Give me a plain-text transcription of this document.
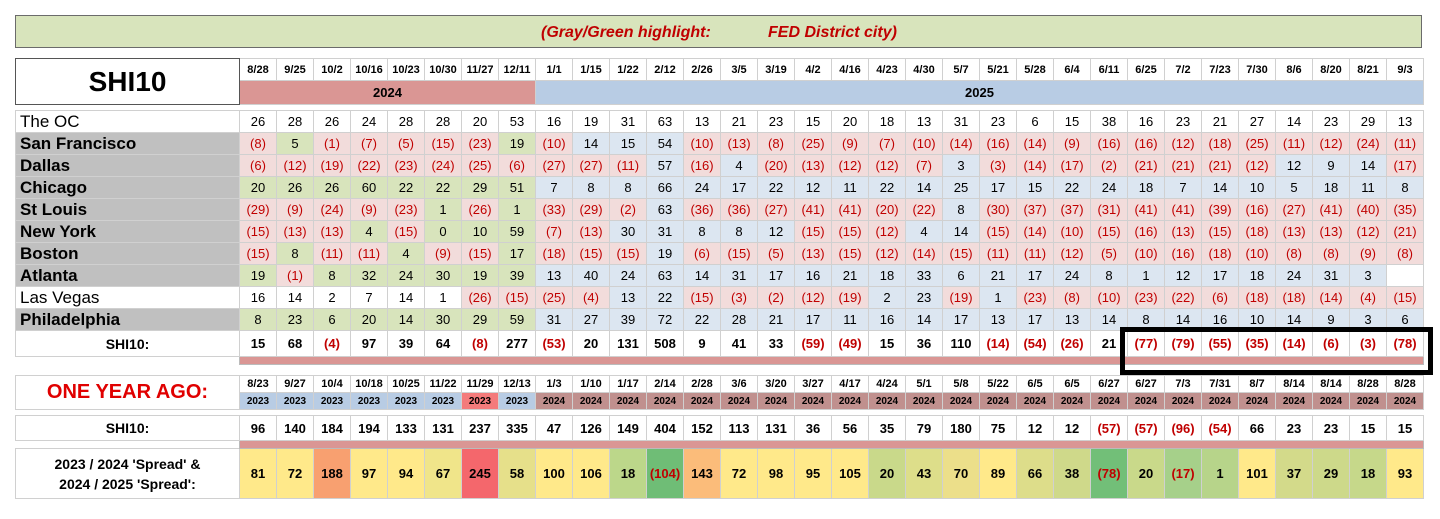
(Gray/Green highlight:	FED District city)
SHI10	8/28	9/25	10/2	10/16	10/23	10/30	11/27	12/11	1/1	1/15	1/22	2/12	2/26	3/5	3/19	4/2	4/16	4/23	4/30	5/7	5/21	5/28	6/4	6/11	6/25	7/2	7/23	7/30	8/6	8/20	8/21	9/3
	2024								2025																							

The OC	26	28	26	24	28	28	20	53	16	19	31	63	13	21	23	15	20	18	13	31	23	6	15	38	16	23	21	27	14	23	29	13
San Francisco	(8)	5	(1)	(7)	(5)	(15)	(23)	19	(10)	14	15	54	(10)	(13)	(8)	(25)	(9)	(7)	(10)	(14)	(16)	(14)	(9)	(16)	(16)	(12)	(18)	(25)	(11)	(12)	(24)	(11)
Dallas	(6)	(12)	(19)	(22)	(23)	(24)	(25)	(6)	(27)	(27)	(11)	57	(16)	4	(20)	(13)	(12)	(12)	(7)	3	(3)	(14)	(17)	(2)	(21)	(21)	(21)	(12)	12	9	14	(17)
Chicago	20	26	26	60	22	22	29	51	7	8	8	66	24	17	22	12	11	22	14	25	17	15	22	24	18	7	14	10	5	18	11	8
St Louis	(29)	(9)	(24)	(9)	(23)	1	(26)	1	(33)	(29)	(2)	63	(36)	(36)	(27)	(41)	(41)	(20)	(22)	8	(30)	(37)	(37)	(31)	(41)	(41)	(39)	(16)	(27)	(41)	(40)	(35)
New York	(15)	(13)	(13)	4	(15)	0	10	59	(7)	(13)	30	31	8	8	12	(15)	(15)	(12)	4	14	(15)	(14)	(10)	(15)	(16)	(13)	(15)	(18)	(13)	(13)	(12)	(21)
Boston	(15)	8	(11)	(11)	4	(9)	(15)	17	(18)	(15)	(15)	19	(6)	(15)	(5)	(13)	(15)	(12)	(14)	(15)	(11)	(11)	(12)	(5)	(10)	(16)	(18)	(10)	(8)	(8)	(9)	(8)
Atlanta	19	(1)	8	32	24	30	19	39	13	40	24	63	14	31	17	16	21	18	33	6	21	17	24	8	1	12	17	18	24	31	3	
Las Vegas	16	14	2	7	14	1	(26)	(15)	(25)	(4)	13	22	(15)	(3)	(2)	(12)	(19)	2	23	(19)	1	(23)	(8)	(10)	(23)	(22)	(6)	(18)	(18)	(14)	(4)	(15)
Philadelphia	8	23	6	20	14	30	29	59	31	27	39	72	22	28	21	17	11	16	14	17	13	17	13	14	8	14	16	10	14	9	3	6
SHI10:	15	68	(4)	97	39	64	(8)	277	(53)	20	131	508	9	41	33	(59)	(49)	15	36	110	(14)	(54)	(26)	21	(77)	(79)	(55)	(35)	(14)	(6)	(3)	(78)

ONE YEAR AGO:	8/23	9/27	10/4	10/18	10/25	11/22	11/29	12/13	1/3	1/10	1/17	2/14	2/28	3/6	3/20	3/27	4/17	4/24	5/1	5/8	5/22	6/5	6/5	6/27	6/27	7/3	7/31	8/7	8/14	8/14	8/28	8/28
	2023	2023	2023	2023	2023	2023	2023	2023	2024	2024	2024	2024	2024	2024	2024	2024	2024	2024	2024	2024	2024	2024	2024	2024	2024	2024	2024	2024	2024	2024	2024	2024

SHI10:	96	140	184	194	133	131	237	335	47	126	149	404	152	113	131	36	56	35	79	180	75	12	12	(57)	(57)	(96)	(54)	66	23	23	15	15

2023 / 2024 'Spread' &
2024 / 2025 'Spread':	81	72	188	97	94	67	245	58	100	106	18	(104)	143	72	98	95	105	20	43	70	89	66	38	(78)	20	(17)	1	101	37	29	18	93
